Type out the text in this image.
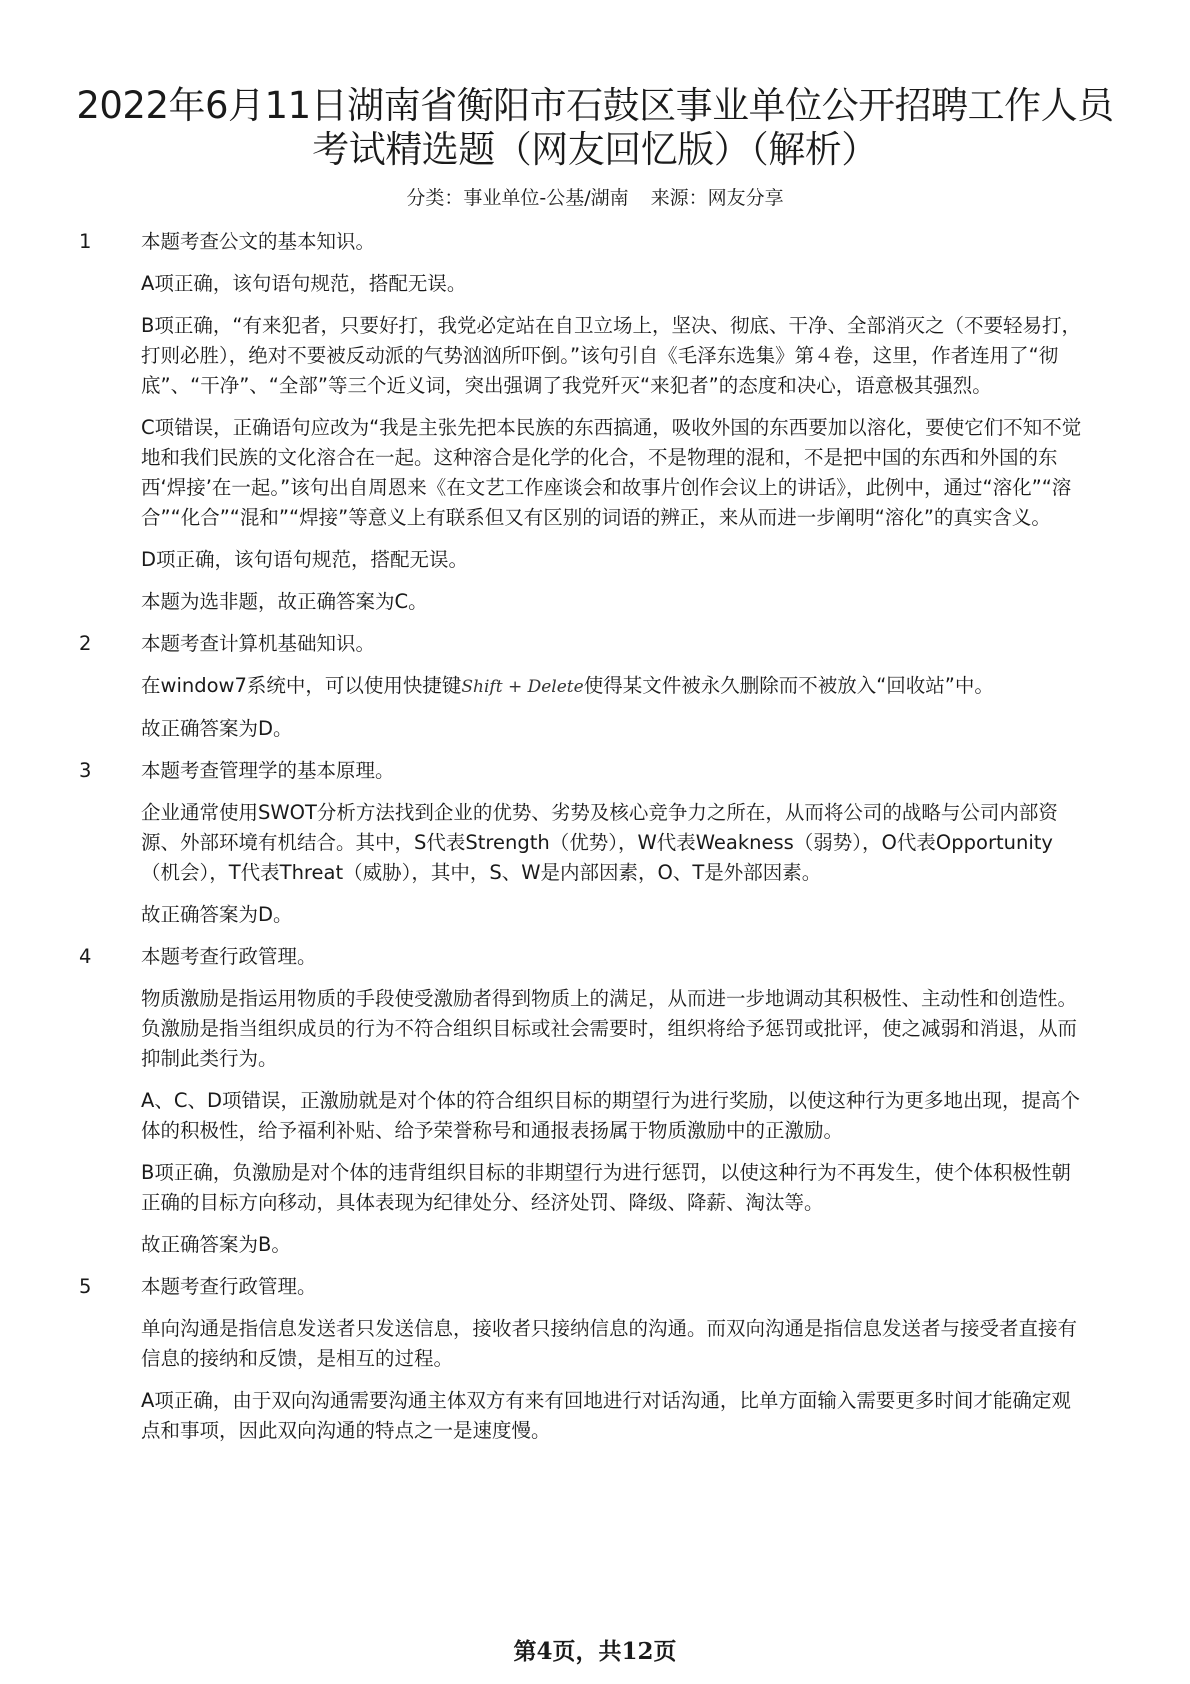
2022年6月11日湖南省衡阳市石鼓区事业单位公开招聘工作人员
考试精选题（网友回忆版）（解析）
分类：事业单位-公基/湖南 来源：网友分享
1	本题考查公文的基本知识。

A项正确，该句语句规范，搭配无误。

B项正确，“有来犯者，只要好打，我党必定站在自卫立场上，坚决、彻底、干净、全部消灭之（不要轻易打，打则必胜），绝对不要被反动派的气势汹汹所吓倒。”该句引自《毛泽东选集》第４卷，这里，作者连用了“彻底”、“干净”、“全部”等三个近义词，突出强调了我党歼灭“来犯者”的态度和决心，语意极其强烈。

C项错误，正确语句应改为“我是主张先把本民族的东西搞通，吸收外国的东西要加以溶化，要使它们不知不觉地和我们民族的文化溶合在一起。这种溶合是化学的化合，不是物理的混和，不是把中国的东西和外国的东西‘焊接’在一起。”该句出自周恩来《在文艺工作座谈会和故事片创作会议上的讲话》，此例中，通过“溶化”“溶合”“化合”“混和”“焊接”等意义上有联系但又有区别的词语的辨正，来从而进一步阐明“溶化”的真实含义。

D项正确，该句语句规范，搭配无误。

本题为选非题，故正确答案为C。

2	本题考查计算机基础知识。

在window7系统中，可以使用快捷键Shift + Delete使得某文件被永久删除而不被放入“回收站”中。

故正确答案为D。

3	本题考查管理学的基本原理。

企业通常使用SWOT分析方法找到企业的优势、劣势及核心竞争力之所在，从而将公司的战略与公司内部资源、外部环境有机结合。其中，S代表Strength（优势），W代表Weakness（弱势），O代表Opportunity（机会），T代表Threat（威胁），其中，S、W是内部因素，O、T是外部因素。

故正确答案为D。

4	本题考查行政管理。

物质激励是指运用物质的手段使受激励者得到物质上的满足，从而进一步地调动其积极性、主动性和创造性。负激励是指当组织成员的行为不符合组织目标或社会需要时，组织将给予惩罚或批评，使之减弱和消退，从而抑制此类行为。

A、C、D项错误，正激励就是对个体的符合组织目标的期望行为进行奖励，以使这种行为更多地出现，提高个体的积极性，给予福利补贴、给予荣誉称号和通报表扬属于物质激励中的正激励。

B项正确，负激励是对个体的违背组织目标的非期望行为进行惩罚，以使这种行为不再发生，使个体积极性朝正确的目标方向移动，具体表现为纪律处分、经济处罚、降级、降薪、淘汰等。

故正确答案为B。

5	本题考查行政管理。

单向沟通是指信息发送者只发送信息，接收者只接纳信息的沟通。而双向沟通是指信息发送者与接受者直接有信息的接纳和反馈，是相互的过程。

A项正确，由于双向沟通需要沟通主体双方有来有回地进行对话沟通，比单方面输入需要更多时间才能确定观点和事项，因此双向沟通的特点之一是速度慢。

第4页，共12页
